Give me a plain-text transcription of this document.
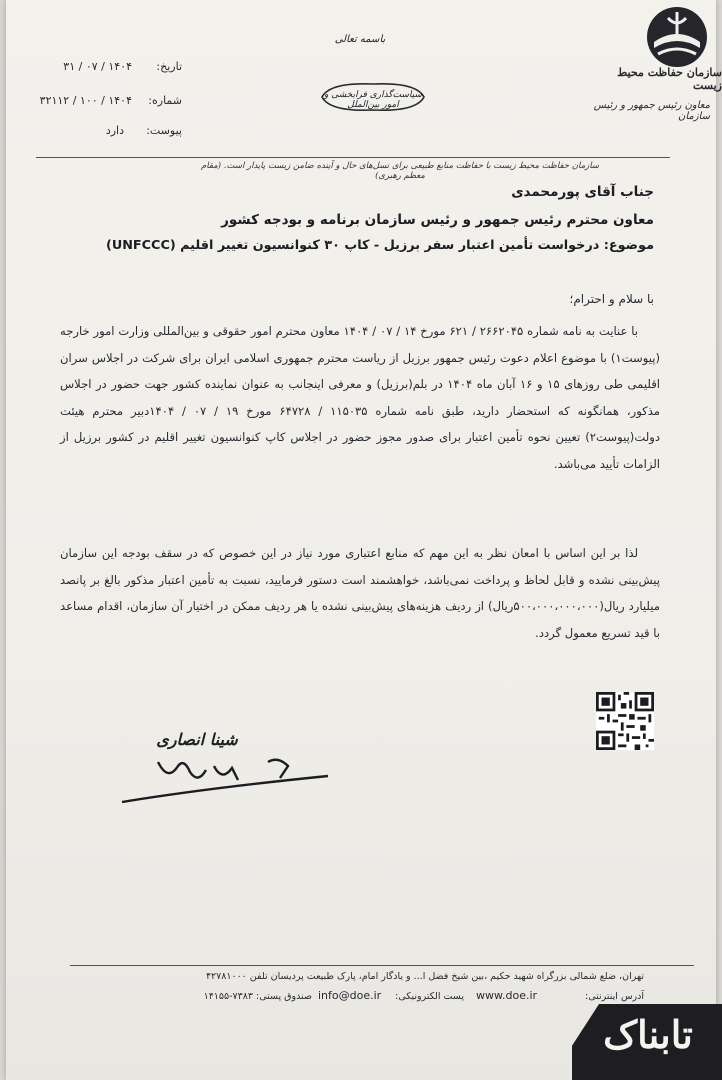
سازمان حفاظت محیط زیست
معاون رئیس جمهور و رئیس سازمان
باسمه تعالی
تاریخ:
۱۴۰۴ / ۰۷ / ۳۱
شماره:
۱۴۰۴ / ۱۰۰ / ۳۲۱۱۲
پیوست:
دارد
سیاست‌گذاری فرا‌بخشی و امور بین‌الملل
سازمان حفاظت محیط زیست با حفاظت منابع طبیعی برای نسل‌های حال و آینده ضامن زیست پایدار است. (مقام معظم رهبری)
جناب آقای پورمحمدی
معاون محترم رئیس جمهور و رئیس سازمان برنامه و بودجه کشور
موضوع: درخواست تأمین اعتبار سفر برزیل - کاپ ۳۰ کنوانسیون تغییر اقلیم (UNFCCC)
با سلام و احترام؛
با عنایت به نامه شماره ۲۶۶۲۰۴۵ / ۶۲۱ مورخ ۱۴ / ۰۷ / ۱۴۰۴ معاون محترم امور حقوقی و بین‌المللی وزارت امور خارجه (پیوست۱) با موضوع اعلام دعوت رئیس جمهور برزیل از ریاست محترم جمهوری اسلامی ایران برای شرکت در اجلاس سران اقلیمی طی روزهای ۱۵ و ۱۶ آبان ماه ۱۴۰۴ در بلم(برزیل) و معرفی اینجانب به عنوان نماینده کشور جهت حضور در اجلاس مذکور، همانگونه که استحضار دارید، طبق نامه شماره ۱۱۵۰۳۵ / ۶۴۷۲۸ مورخ ۱۹ / ۰۷ / ۱۴۰۴دبیر محترم هیئت دولت(پیوست۲) تعیین نحوه تأمین اعتبار برای صدور مجوز حضور در اجلاس کاپ کنوانسیون تغییر اقلیم در کشور برزیل از الزامات تأیید می‌باشد.
لذا بر این اساس با امعان نظر به این مهم که منابع اعتباری مورد نیاز در این خصوص که در سقف بودجه این سازمان پیش‌بینی نشده و قابل لحاظ و پرداخت نمی‌باشد، خواهشمند است دستور فرمایید، نسبت به تأمین اعتبار مذکور بالغ بر پانصد میلیارد ریال(۵۰۰،۰۰۰،۰۰۰،۰۰۰ریال) از ردیف هزینه‌های پیش‌بینی نشده یا هر ردیف ممکن در اختیار آن سازمان، اقدام مساعد با قید تسریع معمول گردد.
شینا انصاری
تهران، ضلع شمالی بزرگراه شهید حکیم ،بین شیخ فضل ا... و یادگار امام، پارک طبیعت پردیسان تلفن ۴۲۷۸۱۰۰۰
آدرس اینترنتی:
www.doe.ir
پست الکترونیکی:
info@doe.ir
صندوق پستی: ۷۳۸۳-۱۴۱۵۵
تابناک
